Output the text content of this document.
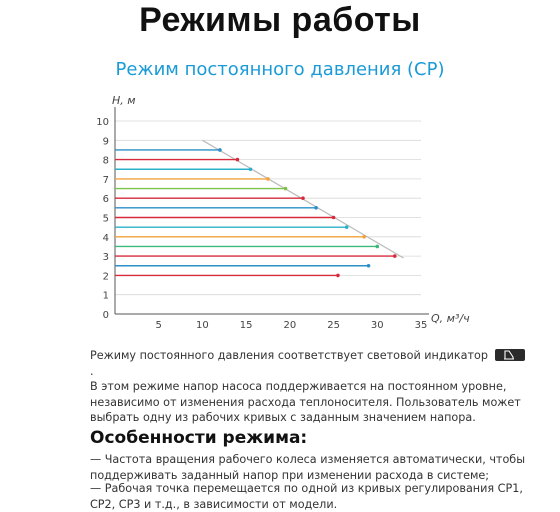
Режимы работы
Режим постоянного давления (CP)
H, м
Q, м³/ч
0
1
2
3
4
5
6
7
8
9
10
5	10	15	20	25	30	35
Режиму постоянного давления соответствует световой индикатор
.
В этом режиме напор насоса поддерживается на постоянном уровне, независимо от изменения расхода теплоносителя. Пользователь может выбрать одну из рабочих кривых с заданным значением напора.
Особенности режима:
— Частота вращения рабочего колеса изменяется автоматически, чтобы поддерживать заданный напор при изменении расхода в системе;
— Рабочая точка перемещается по одной из кривых регулирования CP1, CP2, CP3 и т.д., в зависимости от модели.
